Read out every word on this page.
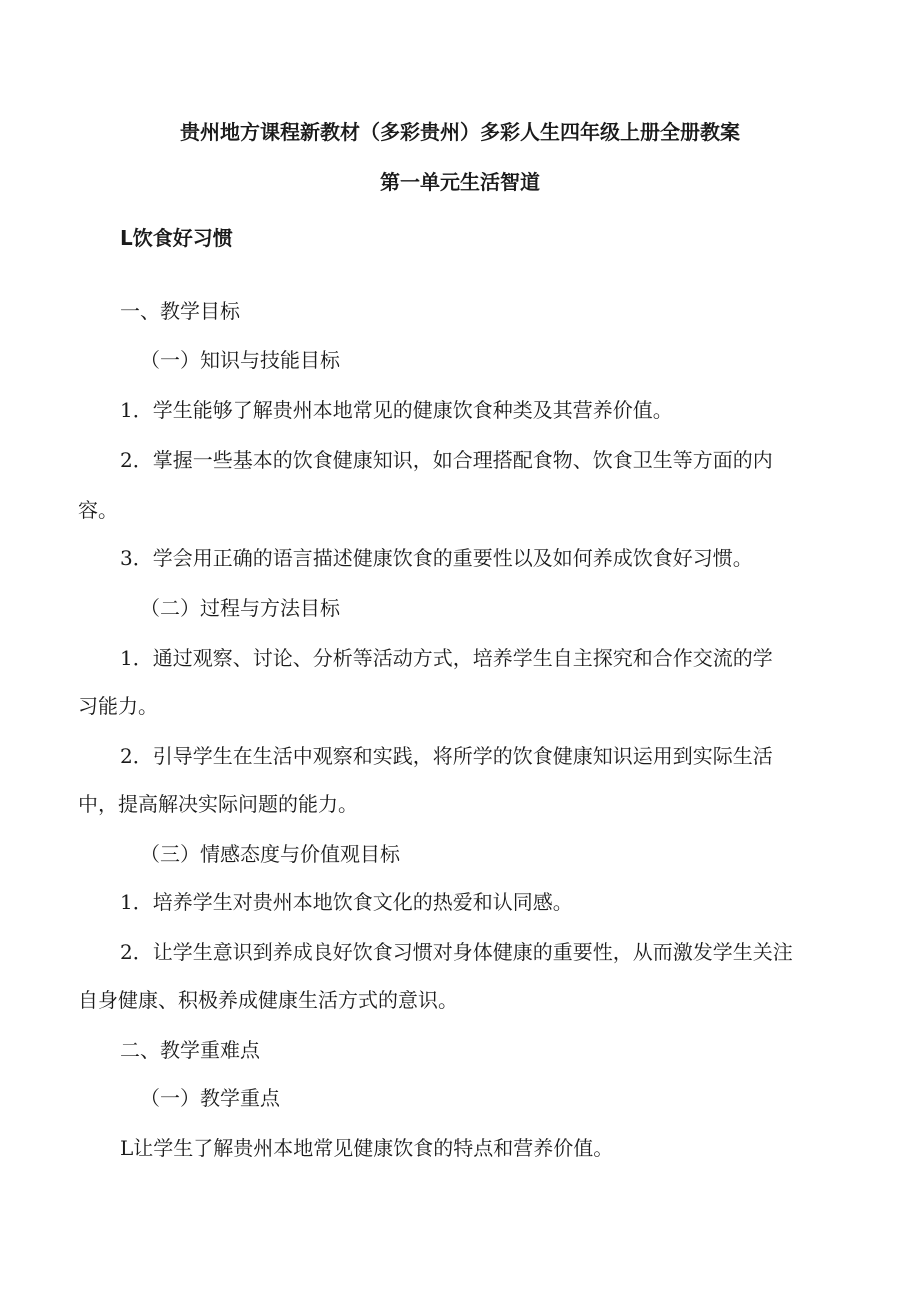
贵州地方课程新教材（多彩贵州）多彩人生四年级上册全册教案

第一单元生活智道

L饮食好习惯

一、教学目标

（一）知识与技能目标

1．学生能够了解贵州本地常见的健康饮食种类及其营养价值。

2．掌握一些基本的饮食健康知识，如合理搭配食物、饮食卫生等方面的内

容。

3．学会用正确的语言描述健康饮食的重要性以及如何养成饮食好习惯。

（二）过程与方法目标

1．通过观察、讨论、分析等活动方式，培养学生自主探究和合作交流的学

习能力。

2．引导学生在生活中观察和实践，将所学的饮食健康知识运用到实际生活

中，提高解决实际问题的能力。

（三）情感态度与价值观目标

1．培养学生对贵州本地饮食文化的热爱和认同感。

2．让学生意识到养成良好饮食习惯对身体健康的重要性，从而激发学生关注

自身健康、积极养成健康生活方式的意识。

二、教学重难点

（一）教学重点

L让学生了解贵州本地常见健康饮食的特点和营养价值。
